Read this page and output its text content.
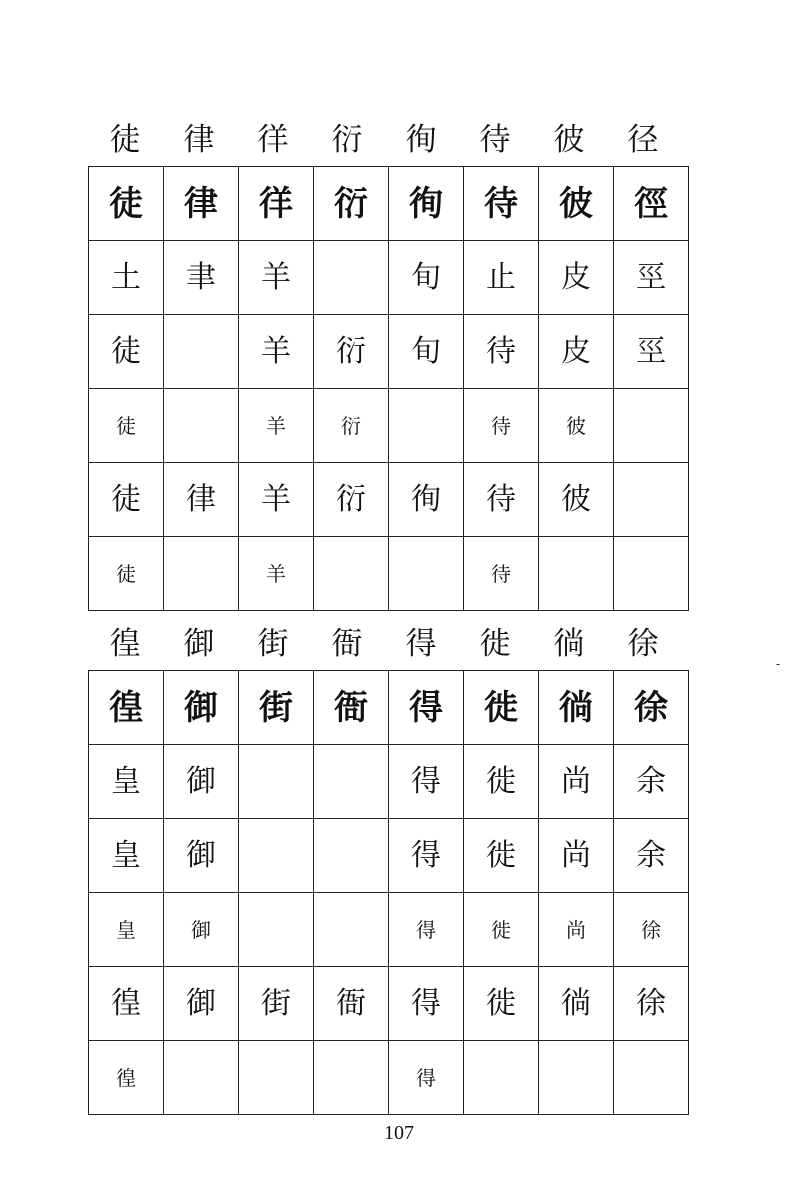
徒	律	徉	衍	徇	待	彼	径
徒	律	徉	衍	徇	待	彼	徑
土	聿	羊		旬	止	皮	巠
徒		羊	衍	旬	待	皮	巠
徒		羊	衍		待	彼	
徒	律	羊	衍	徇	待	彼	
徒		羊			待		
徨	御	街	衙	得	徙	徜	徐
徨	御	街	衙	得	徙	徜	徐
皇	御			得	徙	尚	余
皇	御			得	徙	尚	余
皇	御			得	徙	尚	徐
徨	御	街	衙	得	徙	徜	徐
徨				得			
-
107
